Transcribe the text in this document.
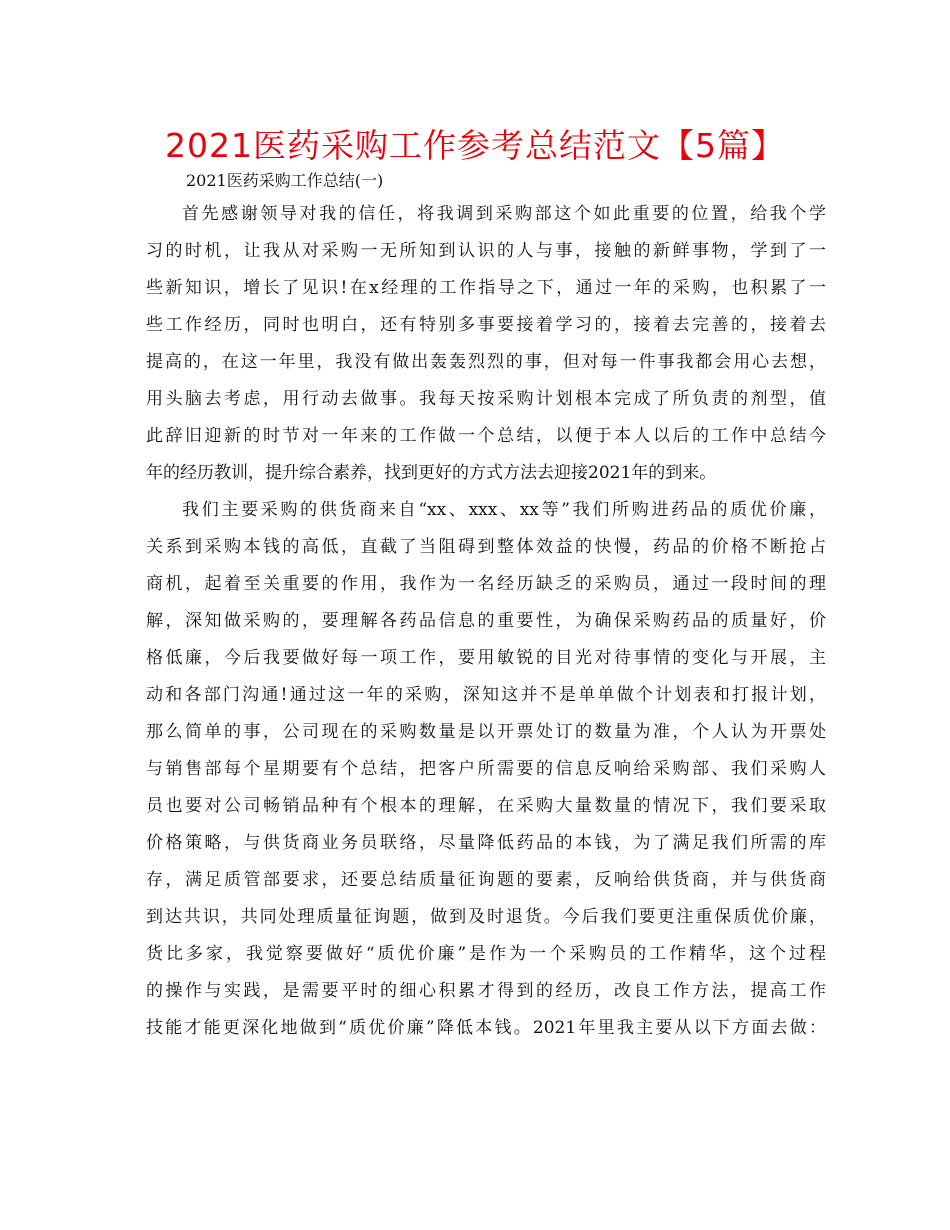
2021医药采购工作参考总结范文【5篇】
2021医药采购工作总结(一)
首先感谢领导对我的信任，将我调到采购部这个如此重要的位置，给我个学
习的时机，让我从对采购一无所知到认识的人与事，接触的新鲜事物，学到了一
些新知识，增长了见识!在x经理的工作指导之下，通过一年的采购，也积累了一
些工作经历，同时也明白，还有特别多事要接着学习的，接着去完善的，接着去
提高的，在这一年里，我没有做出轰轰烈烈的事，但对每一件事我都会用心去想，
用头脑去考虑，用行动去做事。我每天按采购计划根本完成了所负责的剂型，值
此辞旧迎新的时节对一年来的工作做一个总结，以便于本人以后的工作中总结今
年的经历教训，提升综合素养，找到更好的方式方法去迎接2021年的到来。
我们主要采购的供货商来自“xx、xxx、xx等”我们所购进药品的质优价廉，
关系到采购本钱的高低，直截了当阻碍到整体效益的快慢，药品的价格不断抢占
商机，起着至关重要的作用，我作为一名经历缺乏的采购员，通过一段时间的理
解，深知做采购的，要理解各药品信息的重要性，为确保采购药品的质量好，价
格低廉，今后我要做好每一项工作，要用敏锐的目光对待事情的变化与开展，主
动和各部门沟通!通过这一年的采购，深知这并不是单单做个计划表和打报计划，
那么简单的事，公司现在的采购数量是以开票处订的数量为准，个人认为开票处
与销售部每个星期要有个总结，把客户所需要的信息反响给采购部、我们采购人
员也要对公司畅销品种有个根本的理解，在采购大量数量的情况下，我们要采取
价格策略，与供货商业务员联络，尽量降低药品的本钱，为了满足我们所需的库
存，满足质管部要求，还要总结质量征询题的要素，反响给供货商，并与供货商
到达共识，共同处理质量征询题，做到及时退货。今后我们要更注重保质优价廉，
货比多家，我觉察要做好“质优价廉”是作为一个采购员的工作精华，这个过程
的操作与实践，是需要平时的细心积累才得到的经历，改良工作方法，提高工作
技能才能更深化地做到“质优价廉”降低本钱。2021年里我主要从以下方面去做：
